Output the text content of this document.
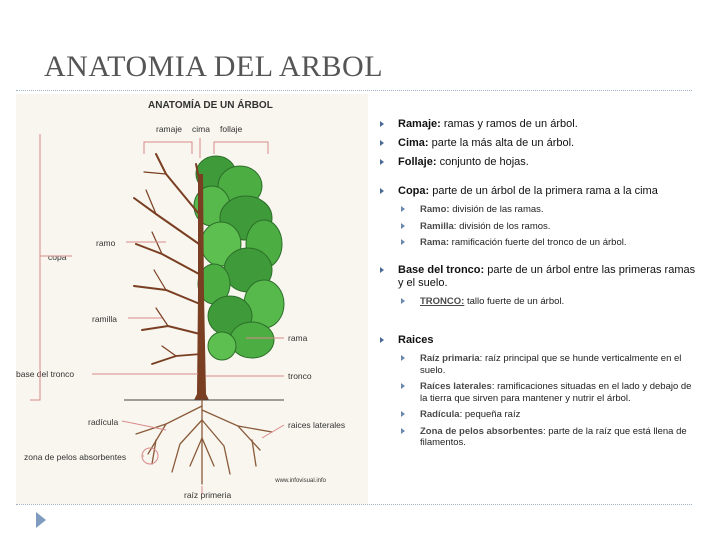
ANATOMIA DEL ARBOL
ANATOMÍA DE UN ÁRBOL
ramaje cima follaje
ramo
copa
ramilla
base del tronco
radícula
zona de pelos absorbentes
rama
tronco
raices laterales
raíz primeria
www.infovisual.info
Ramaje: ramas y ramos de un árbol.
Cima: parte la más alta de un árbol.
Follaje: conjunto de hojas.
Copa: parte de un árbol de la primera rama a la cima
Ramo: división de las ramas.
Ramilla: división de los ramos.
Rama: ramificación fuerte del tronco de un árbol.
Base del tronco: parte de un árbol entre las primeras ramas y el suelo.
TRONCO: tallo fuerte de un árbol.
Raices
Raíz primaria: raíz principal que se hunde verticalmente en el suelo.
Raíces laterales: ramificaciones situadas en el lado y debajo de la tierra que sirven para mantener y nutrir el árbol.
Radícula: pequeña raíz
Zona de pelos absorbentes: parte de la raíz que está llena de filamentos.
